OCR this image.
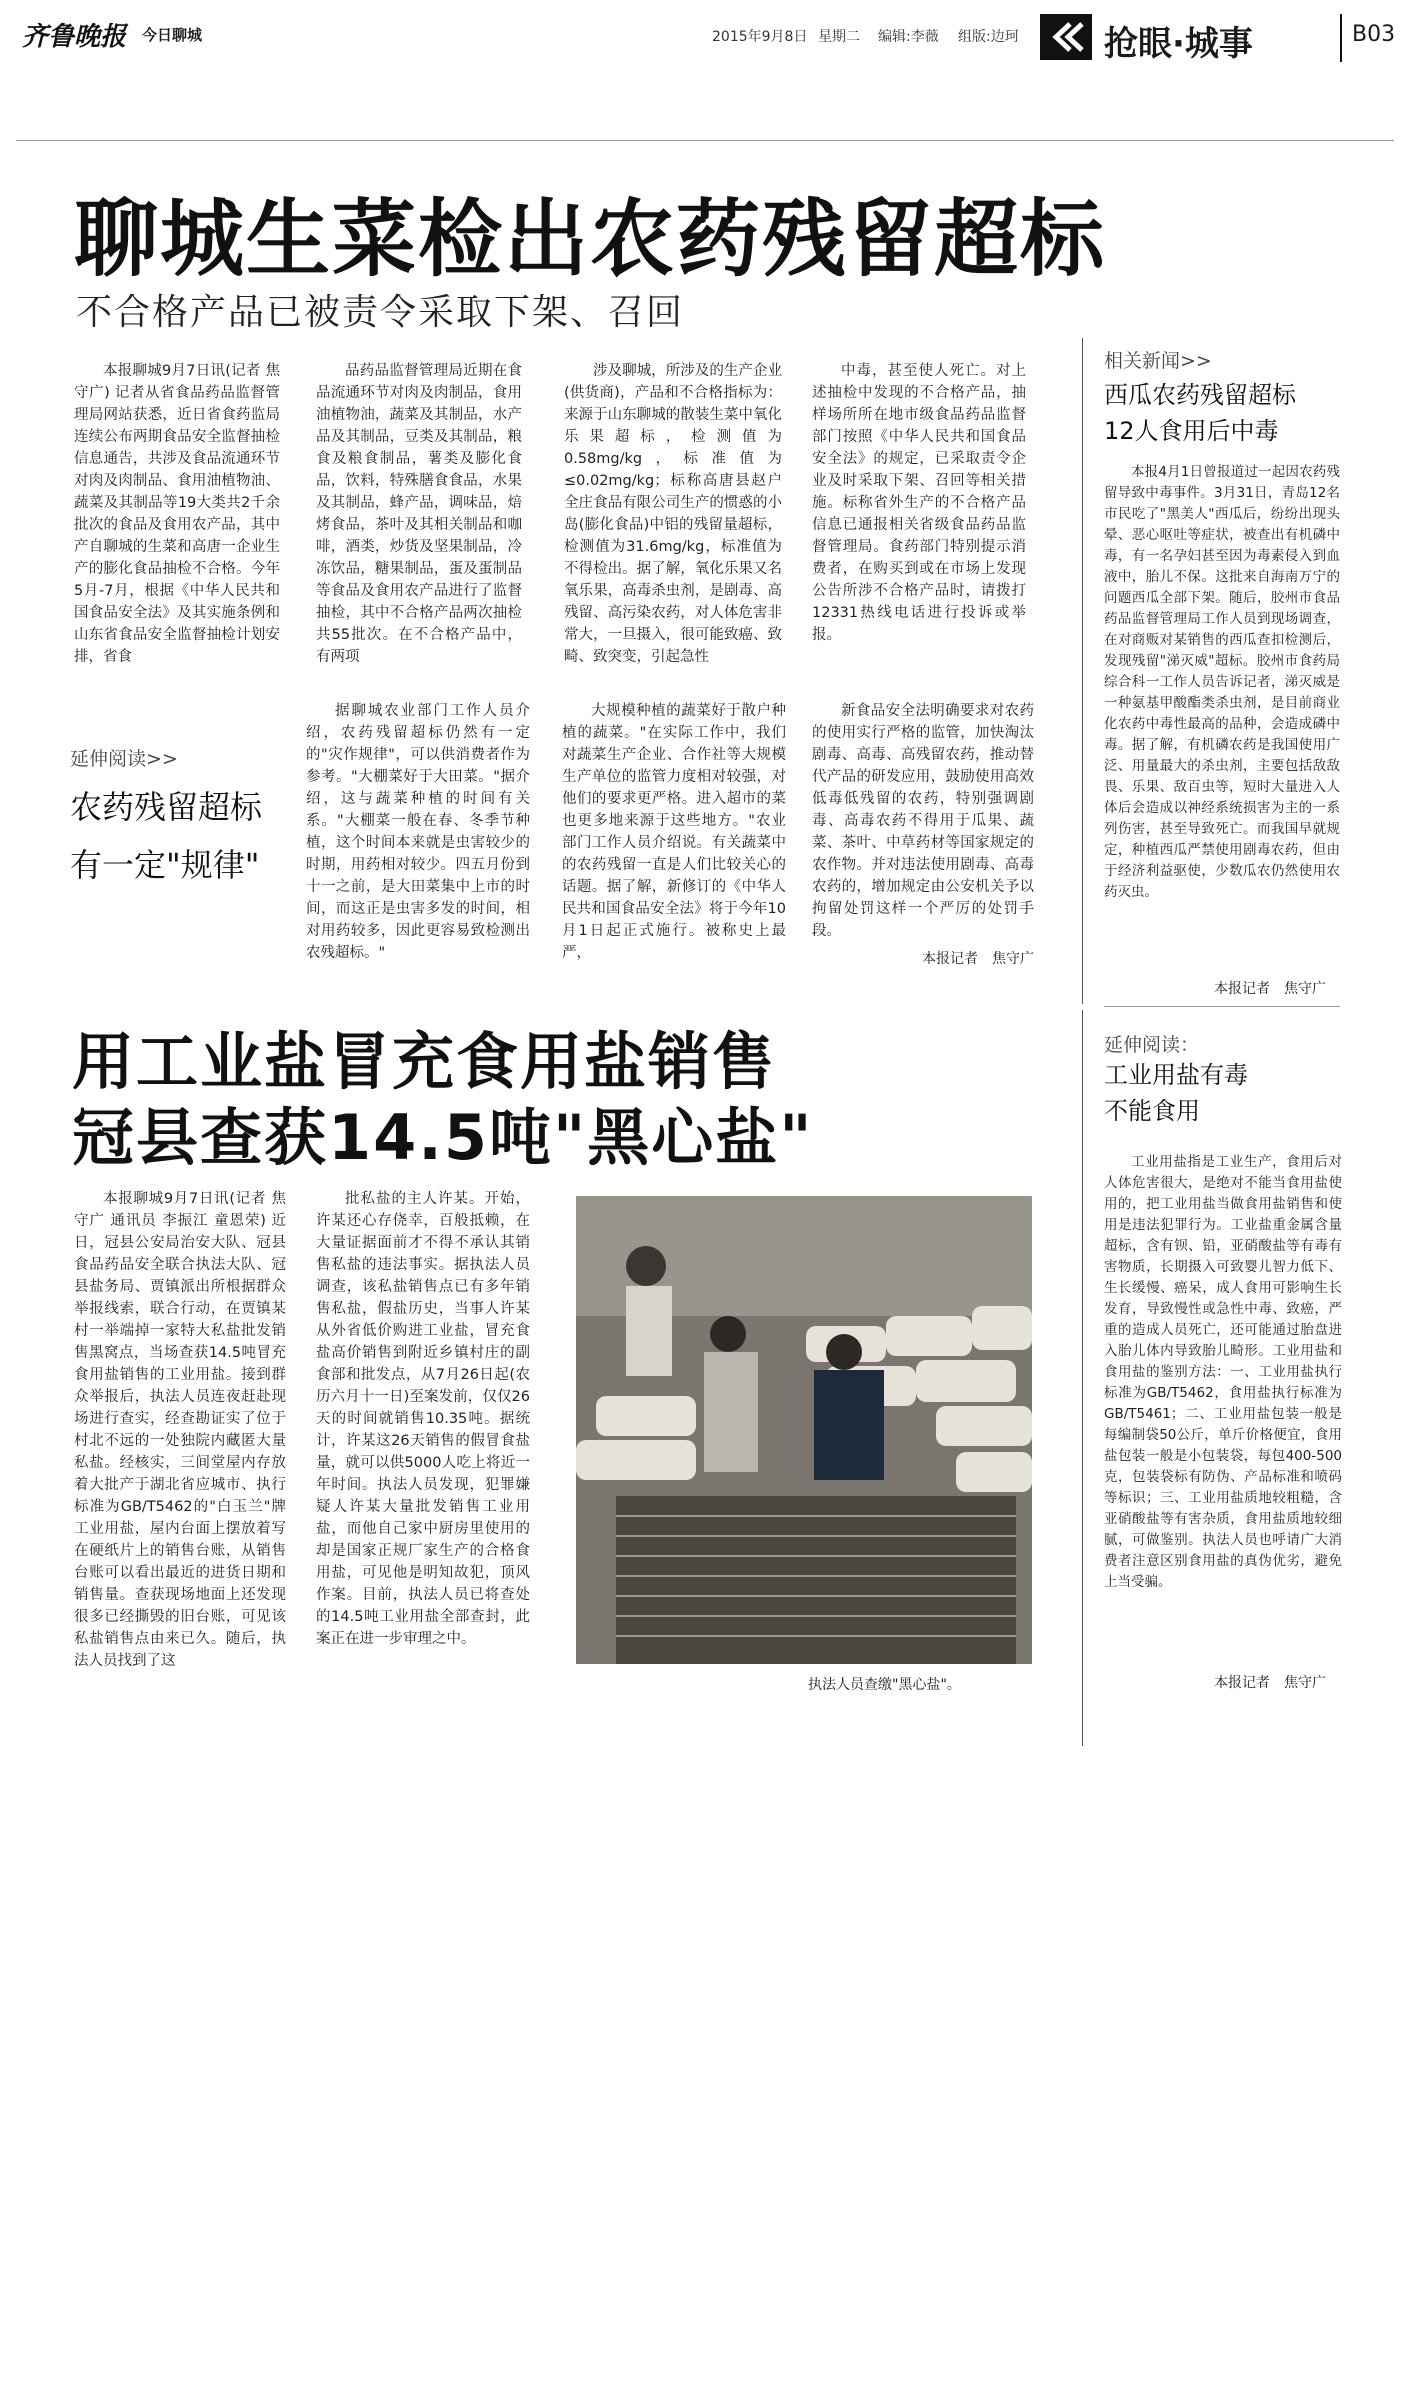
齐鲁晚报 今日聊城	2015年9月8日 星期二 编辑:李薇 组版:边珂	抢眼·城事	B03
聊城生菜检出农药残留超标
不合格产品已被责令采取下架、召回

本报聊城9月7日讯(记者 焦守广) 记者从省食品药品监督管理局网站获悉，近日省食药监局连续公布两期食品安全监督抽检信息通告，共涉及食品流通环节对肉及肉制品、食用油植物油、蔬菜及其制品等19大类共2千余批次的食品及食用农产品，其中产自聊城的生菜和高唐一企业生产的膨化食品抽检不合格。今年5月-7月，根据《中华人民共和国食品安全法》及其实施条例和山东省食品安全监督抽检计划安排，省食

品药品监督管理局近期在食品流通环节对肉及肉制品，食用油植物油，蔬菜及其制品，水产品及其制品，豆类及其制品，粮食及粮食制品，薯类及膨化食品，饮料，特殊膳食食品，水果及其制品，蜂产品，调味品，焙烤食品，茶叶及其相关制品和咖啡，酒类，炒货及坚果制品，冷冻饮品，糖果制品，蛋及蛋制品等食品及食用农产品进行了监督抽检，其中不合格产品两次抽检共55批次。在不合格产品中，有两项

涉及聊城，所涉及的生产企业(供货商)，产品和不合格指标为：来源于山东聊城的散装生菜中氧化乐果超标，检测值为0.58mg/kg，标准值为≤0.02mg/kg；标称高唐县赵户全庄食品有限公司生产的惯惑的小岛(膨化食品)中铝的残留量超标，检测值为31.6mg/kg，标准值为不得检出。据了解，氧化乐果又名氧乐果，高毒杀虫剂，是剧毒、高残留、高污染农药，对人体危害非常大，一旦摄入，很可能致癌、致畸、致突变，引起急性

中毒，甚至使人死亡。对上述抽检中发现的不合格产品，抽样场所所在地市级食品药品监督部门按照《中华人民共和国食品安全法》的规定，已采取责令企业及时采取下架、召回等相关措施。标称省外生产的不合格产品信息已通报相关省级食品药品监督管理局。食药部门特别提示消费者，在购买到或在市场上发现公告所涉不合格产品时，请拨打12331热线电话进行投诉或举报。

延伸阅读>>
农药残留超标
有一定"规律"

据聊城农业部门工作人员介绍，农药残留超标仍然有一定的"灾作规律"，可以供消费者作为参考。"大棚菜好于大田菜。"据介绍，这与蔬菜种植的时间有关系。"大棚菜一般在春、冬季节种植，这个时间本来就是虫害较少的时期，用药相对较少。四五月份到十一之前，是大田菜集中上市的时间，而这正是虫害多发的时间，相对用药较多，因此更容易致检测出农残超标。"

大规模种植的蔬菜好于散户种植的蔬菜。"在实际工作中，我们对蔬菜生产企业、合作社等大规模生产单位的监管力度相对较强，对他们的要求更严格。进入超市的菜也更多地来源于这些地方。"农业部门工作人员介绍说。有关蔬菜中的农药残留一直是人们比较关心的话题。据了解，新修订的《中华人民共和国食品安全法》将于今年10月1日起正式施行。被称史上最严，

新食品安全法明确要求对农药的使用实行严格的监管，加快淘汰剧毒、高毒、高残留农药，推动替代产品的研发应用，鼓励使用高效低毒低残留的农药，特别强调剧毒、高毒农药不得用于瓜果、蔬菜、茶叶、中草药材等国家规定的农作物。并对违法使用剧毒、高毒农药的，增加规定由公安机关予以拘留处罚这样一个严厉的处罚手段。

本报记者　焦守广
相关新闻>>
西瓜农药残留超标
12人食用后中毒

本报4月1日曾报道过一起因农药残留导致中毒事件。3月31日，青岛12名市民吃了"黑美人"西瓜后，纷纷出现头晕、恶心呕吐等症状，被查出有机磷中毒，有一名孕妇甚至因为毒素侵入到血液中，胎儿不保。这批来自海南万宁的问题西瓜全部下架。随后，胶州市食品药品监督管理局工作人员到现场调查，在对商贩对某销售的西瓜查扣检测后，发现残留"涕灭威"超标。胶州市食药局综合科一工作人员告诉记者，涕灭威是一种氨基甲酸酯类杀虫剂，是目前商业化农药中毒性最高的品种，会造成磷中毒。据了解，有机磷农药是我国使用广泛、用量最大的杀虫剂，主要包括敌敌畏、乐果、敌百虫等，短时大量进入人体后会造成以神经系统损害为主的一系列伤害，甚至导致死亡。而我国早就规定，种植西瓜严禁使用剧毒农药，但由于经济利益驱使，少数瓜农仍然使用农药灭虫。

本报记者　焦守广
用工业盐冒充食用盐销售
冠县查获14.5吨"黑心盐"

本报聊城9月7日讯(记者 焦守广 通讯员 李振江 童恩荣) 近日，冠县公安局治安大队、冠县食品药品安全联合执法大队、冠县盐务局、贾镇派出所根据群众举报线索，联合行动，在贾镇某村一举端掉一家特大私盐批发销售黑窝点，当场查获14.5吨冒充食用盐销售的工业用盐。接到群众举报后，执法人员连夜赶赴现场进行查实，经查勘证实了位于村北不远的一处独院内藏匿大量私盐。经核实，三间堂屋内存放着大批产于湖北省应城市、执行标准为GB/T5462的"白玉兰"牌工业用盐，屋内台面上摆放着写在硬纸片上的销售台账，从销售台账可以看出最近的进货日期和销售量。查获现场地面上还发现很多已经撕毁的旧台账，可见该私盐销售点由来已久。随后，执法人员找到了这

批私盐的主人许某。开始，许某还心存侥幸，百般抵赖，在大量证据面前才不得不承认其销售私盐的违法事实。据执法人员调查，该私盐销售点已有多年销售私盐，假盐历史，当事人许某从外省低价购进工业盐，冒充食盐高价销售到附近乡镇村庄的副食部和批发点，从7月26日起(农历六月十一日)至案发前，仅仅26天的时间就销售10.35吨。据统计，许某这26天销售的假冒食盐量，就可以供5000人吃上将近一年时间。执法人员发现，犯罪嫌疑人许某大量批发销售工业用盐，而他自己家中厨房里使用的却是国家正规厂家生产的合格食用盐，可见他是明知故犯，顶风作案。目前，执法人员已将查处的14.5吨工业用盐全部查封，此案正在进一步审理之中。

执法人员查缴"黑心盐"。
延伸阅读：
工业用盐有毒
不能食用

工业用盐指是工业生产，食用后对人体危害很大，是绝对不能当食用盐使用的，把工业用盐当做食用盐销售和使用是违法犯罪行为。工业盐重金属含量超标，含有钡、铅，亚硝酸盐等有毒有害物质，长期摄入可致婴儿智力低下、生长缓慢、癌呆，成人食用可影响生长发育，导致慢性或急性中毒、致癌，严重的造成人员死亡，还可能通过胎盘进入胎儿体内导致胎儿畸形。工业用盐和食用盐的鉴别方法：一、工业用盐执行标准为GB/T5462，食用盐执行标准为GB/T5461；二、工业用盐包装一般是每编制袋50公斤，单斤价格便宜，食用盐包装一般是小包装袋，每包400-500克，包装袋标有防伪、产品标准和喷码等标识；三、工业用盐质地较粗糙，含亚硝酸盐等有害杂质，食用盐质地较细腻，可做鉴别。执法人员也呼请广大消费者注意区别食用盐的真伪优劣，避免上当受骗。

本报记者　焦守广
